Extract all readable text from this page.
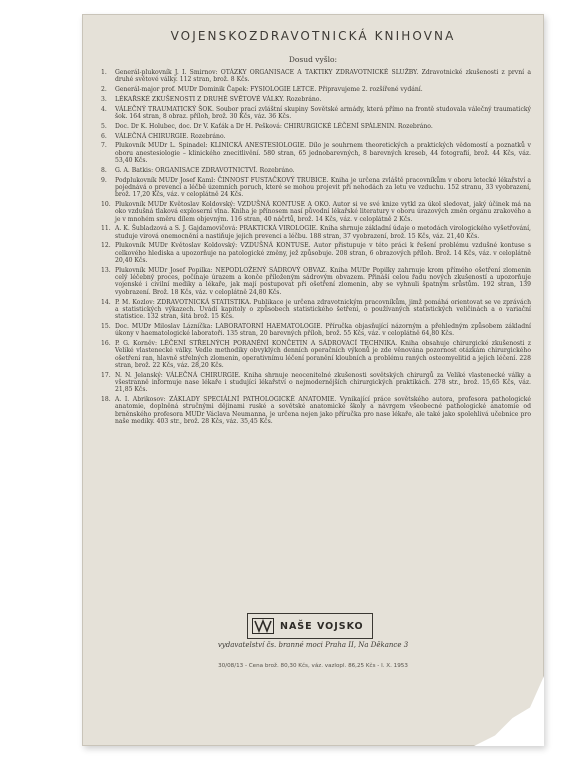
VOJENSKOZDRAVOTNICKÁ KNIHOVNA
Dosud vyšlo:
1. Generál-plukovník J. I. Smirnov: OTÁZKY ORGANISACE A TAKTIKY ZDRAVOTNICKÉ SLUŽBY. Zdravotnické zkušenosti z první a druhé světové války. 112 stran, brož. 8 Kčs.
2. Generál-major prof. MUDr Dominik Čapek: FYSIOLOGIE LETCE. Připravujeme 2. rozšířené vydání.
3. LÉKAŘSKÉ ZKUŠENOSTI Z DRUHÉ SVĚTOVÉ VÁLKY. Rozebráno.
4. VÁLEČNÝ TRAUMATICKÝ ŠOK. Soubor prací zvláštní skupiny Sovětské armády, která přímo na frontě studovala válečný traumatický šok. 164 stran, 8 obraz. příloh, brož. 30 Kčs, váz. 36 Kčs.
5. Doc. Dr K. Holubec, doc. Dr V. Kaťák a Dr H. Pešková: CHIRURGICKÉ LÉČENÍ SPÁLENIN. Rozebráno.
6. VÁLEČNÁ CHIRURGIE. Rozebráno.
7. Plukovník MUDr L. Spinadel: KLINICKÁ ANESTESIOLOGIE. Dílo je souhrnem theoretických a praktických vědomostí a poznatků v oboru anestesiologie – klinického znecitlivění. 580 stran, 65 jednobarevných, 8 barevných kreseb, 44 fotografií, brož. 44 Kčs, váz. 53,40 Kčs.
8. G. A. Batkis: ORGANISACE ZDRAVOTNICTVÍ. Rozebráno.
9. Podplukovník MUDr Josef Kaml: ČINNOST FUSTAČKOVÝ TRUBICE. Kniha je určena zvláště pracovníkům v oboru letecké lékařství a pojednává o prevenci a léčbě územních poruch, které se mohou projevit při nehodách za letu ve vzduchu. 152 stranu, 33 vyobrazení, brož. 17,20 Kčs, váz. v celoplátně 24 Kčs.
10. Plukovník MUDr Květoslav Koldovský: VZDUŠNÁ KONTUSE A OKO. Autor si ve své knize vytkl za úkol sledovat, jaký účinek má na oko vzdušná tlaková exploserní vlna. Kniha je přínosem nasí původní lékařské literatury v oboru úrazových změn orgánu zrakového a je v mnohém směru dílem objevným. 116 stran, 40 náčrtů, brož. 14 Kčs, váz. v celoplátně 2 Kčs.
11. A. K. Šubladzová a S. J. Gajdamovičová: PRAKTICKÁ VIROLOGIE. Kniha shrnuje základní údaje o metodách virologického vyšetřování, studuje virová onemocnění a nastiňuje jejich prevenci a léčbu. 188 stran, 37 vyobrazení, brož. 15 Kčs, váz. 21,40 Kčs.
12. Plukovník MUDr Květoslav Koldovský: VZDUŠNÁ KONTUSE. Autor přistupuje v této práci k řešení problému vzdušné kontuse s celkového hlediska a upozorňuje na patologické změny, jež způsobuje. 208 stran, 6 obrazových příloh. Brož. 14 Kčs, váz. v celoplátně 20,40 Kčs.
13. Plukovník MUDr Josef Popilka: NEPODLOŽENÝ SÁDROVÝ OBVAZ. Kniha MUDr Popilky zahrnuje krom přímého ošetření zlomenin celý léčebný proces, počínaje úrazem a konče příloženým sádrovým obvazem. Přináší celou řadu nových zkušeností a upozorňuje vojenské i civilní mediky a lékaře, jak mají postupovat při ošetření zlomenin, aby se vyhnuli špatným srůstům. 192 stran, 139 vyobrazení. Brož. 18 Kčs, váz. v celoplátně 24,80 Kčs.
14. P. M. Kozlov: ZDRAVOTNICKÁ STATISTIKA. Publikace je určena zdravotnickým pracovníkům, jimž pomáhá orientovat se ve zprávách a statistických výkazech. Uvádí kapitoly o způsobech statistického šetření, o používaných statistických veličinách a o variační statistice. 132 stran, šitá brož. 15 Kčs.
15. Doc. MUDr Miloslav Lázníčka: LABORATORNÍ HAEMATOLOGIE. Příručka objasňující názorným a přehledným způsobem základní úkony v haematologické laboratoři. 135 stran, 20 barevných příloh, brož. 55 Kčs, váz. v celoplátně 64,80 Kčs.
16. P. G. Korněv: LÉČENÍ STŘELNÝCH PORANĚNÍ KONČETIN A SÁDROVACÍ TECHNIKA. Kniha obsahuje chirurgické zkušenosti z Veliké vlastenecké války. Vedle methodiky obvyklých denních operačních výkonů je zde věnována pozornost otázkám chirurgického ošetření ran, hlavně střelných zlomenin, operativnímu léčení poranění kloubních a problému raných osteomyelitid a jejich léčení. 228 stran, brož. 22 Kčs, váz. 28,20 Kčs.
17. N. N. Jelanský: VÁLEČNÁ CHIRURGIE. Kniha shrnuje neocenitelné zkušenosti sovětských chirurgů za Veliké vlastenecké války a všestranně informuje nase lékaře i studující lékařství o nejmodernějších chirurgických praktikách. 278 str., brož. 15,65 Kčs, váz. 21,85 Kčs.
18. A. I. Abrikosov: ZÁKLADY SPECIÁLNÍ PATHOLOGICKÉ ANATOMIE. Vynikající práce sovětského autora, profesora pathologické anatomie, doplněná stručnými dějinami ruské a sovětské anatomické školy a návrgem všeobecné pathologické anatomie od brněnského profesora MUDr Václava Neumanna, je určena nejen jako příručka pro nase lékaře, ale také jako spolehlivá učebnice pro naše mediky. 403 str., brož. 28 Kčs, váz. 35,45 Kčs.
NAŠE VOJSKO
vydavatelství čs. branné moci Praha II, Na Děkance 3
30/08/13 - Cena brož. 80,30 Kčs, váz. vazlopl. 86,25 Kčs - I. X. 1953
